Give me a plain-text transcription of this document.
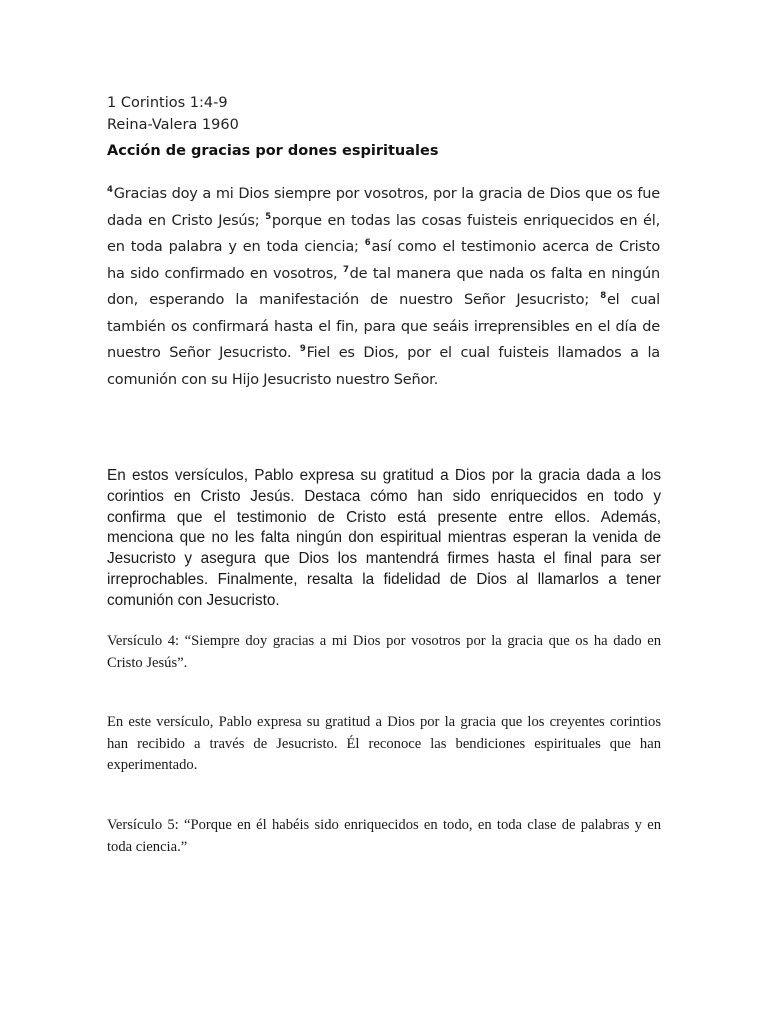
1 Corintios 1:4-9
Reina-Valera 1960
Acción de gracias por dones espirituales
$^4$Gracias doy a mi Dios siempre por vosotros, por la gracia de Dios que os fue dada en Cristo Jesús; $^5$porque en todas las cosas fuisteis enriquecidos en él, en toda palabra y en toda ciencia; $^6$así como el testimonio acerca de Cristo ha sido confirmado en vosotros, $^7$de tal manera que nada os falta en ningún don, esperando la manifestación de nuestro Señor Jesucristo; $^8$el cual también os confirmará hasta el fin, para que seáis irreprensibles en el día de nuestro Señor Jesucristo. $^9$Fiel es Dios, por el cual fuisteis llamados a la comunión con su Hijo Jesucristo nuestro Señor.
En estos versículos, Pablo expresa su gratitud a Dios por la gracia dada a los corintios en Cristo Jesús. Destaca cómo han sido enriquecidos en todo y confirma que el testimonio de Cristo está presente entre ellos. Además, menciona que no les falta ningún don espiritual mientras esperan la venida de Jesucristo y asegura que Dios los mantendrá firmes hasta el final para ser irreprochables. Finalmente, resalta la fidelidad de Dios al llamarlos a tener comunión con Jesucristo.
Versículo 4: “Siempre doy gracias a mi Dios por vosotros por la gracia que os ha dado en Cristo Jesús”.
En este versículo, Pablo expresa su gratitud a Dios por la gracia que los creyentes corintios han recibido a través de Jesucristo. Él reconoce las bendiciones espirituales que han experimentado.
Versículo 5: “Porque en él habéis sido enriquecidos en todo, en toda clase de palabras y en toda ciencia.”
